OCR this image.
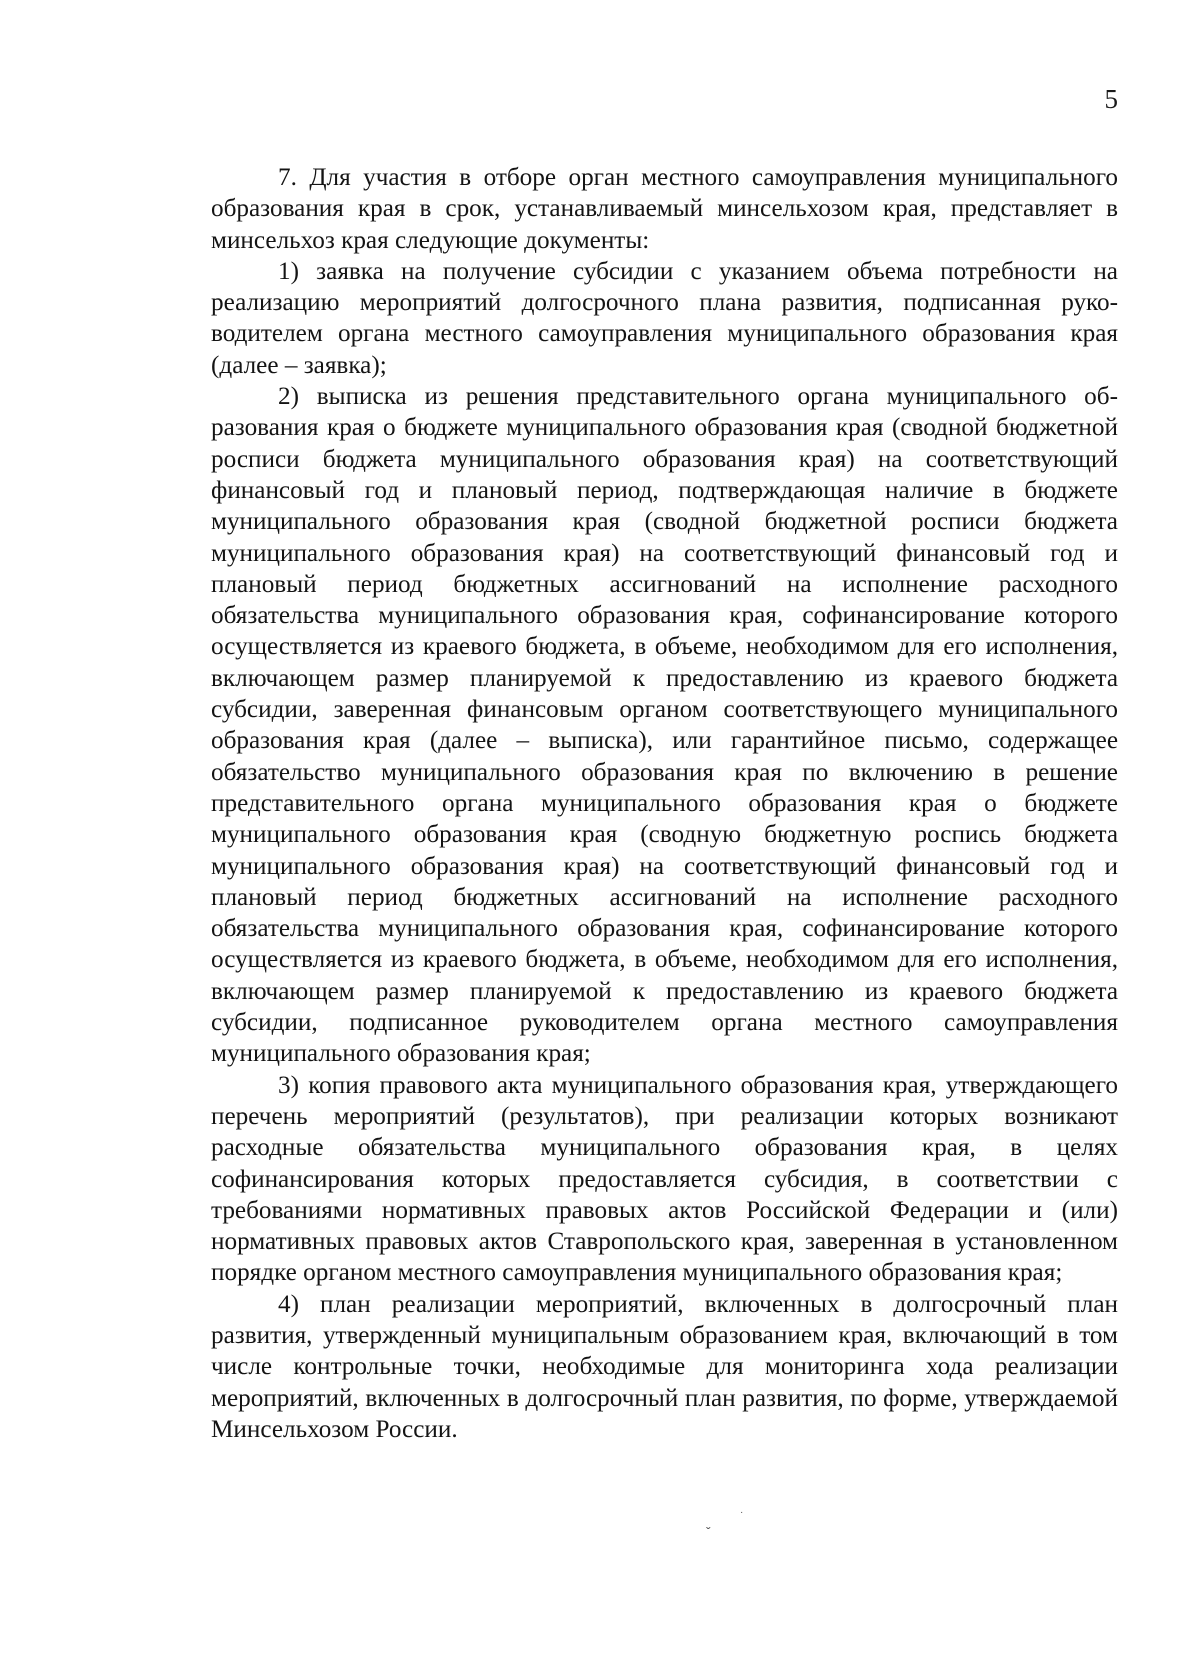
5

7. Для участия в отборе орган местного самоуправления муниципального образования края в срок, устанавливаемый минсельхозом края, представляет в минсельхоз края следующие документы:

1) заявка на получение субсидии с указанием объема потребности на реализацию мероприятий долгосрочного плана развития, подписанная руководителем органа местного самоуправления муниципального образования края (далее – заявка);

2) выписка из решения представительного органа муниципального образования края о бюджете муниципального образования края (сводной бюджетной росписи бюджета муниципального образования края) на соответствующий финансовый год и плановый период, подтверждающая наличие в бюджете муниципального образования края (сводной бюджетной росписи бюджета муниципального образования края) на соответствующий финансовый год и плановый период бюджетных ассигнований на исполнение расходного обязательства муниципального образования края, софинансирование которого осуществляется из краевого бюджета, в объеме, необходимом для его исполнения, включающем размер планируемой к предоставлению из краевого бюджета субсидии, заверенная финансовым органом соответствующего муниципального образования края (далее – выписка), или гарантийное письмо, содержащее обязательство муниципального образования края по включению в решение представительного органа муниципального образования края о бюджете муниципального образования края (сводную бюджетную роспись бюджета муниципального образования края) на соответствующий финансовый год и плановый период бюджетных ассигнований на исполнение расходного обязательства муниципального образования края, софинансирование которого осуществляется из краевого бюджета, в объеме, необходимом для его исполнения, включающем размер планируемой к предоставлению из краевого бюджета субсидии, подписанное руководителем органа местного самоуправления муниципального образования края;

3) копия правового акта муниципального образования края, утверждающего перечень мероприятий (результатов), при реализации которых возникают расходные обязательства муниципального образования края, в целях софинансирования которых предоставляется субсидия, в соответствии с требованиями нормативных правовых актов Российской Федерации и (или) нормативных правовых актов Ставропольского края, заверенная в установленном порядке органом местного самоуправления муниципального образования края;

4) план реализации мероприятий, включенных в долгосрочный план развития, утвержденный муниципальным образованием края, включающий в том числе контрольные точки, необходимые для мониторинга хода реализации мероприятий, включенных в долгосрочный план развития, по форме, утверждаемой Минсельхозом России.

ˇ
·
